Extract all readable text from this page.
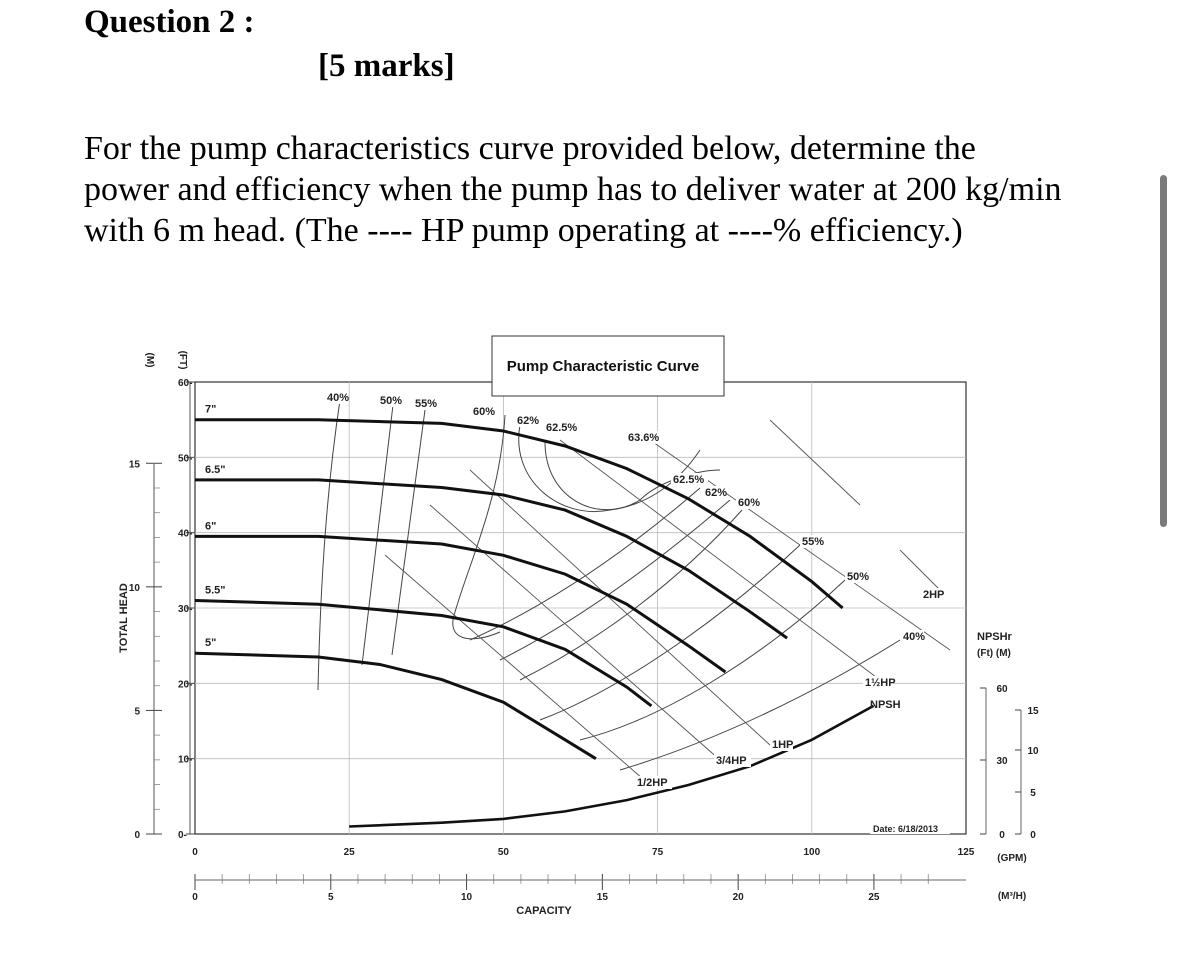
Question 2 :
[5 marks]
For the pump characteristics curve provided below, determine the
power and efficiency when the pump has to deliver water at 200 kg/min
with 6 m head. (The ---- HP pump operating at ----% efficiency.)
7"
6.5"
6"
5.5"
5"
Pump Characteristic Curve
TOTAL HEAD
(M) (FT)
0-
10-
20-
30-
40-
50-
60-
0
5
10
15
0	25	50	75	100	125
0	5	10	15	20	25
CAPACITY
(GPM)
(M³/H)
NPSHr
(Ft) (M)
60
30
0
15
10
5
0
40%	50% 55%
60%
62%
62.5%
63.6%
62.5%
62%
60%
55%
50%
40%
1/2HP
3/4HP
1HP
1½HP
2HP
NPSH
Date: 6/18/2013
